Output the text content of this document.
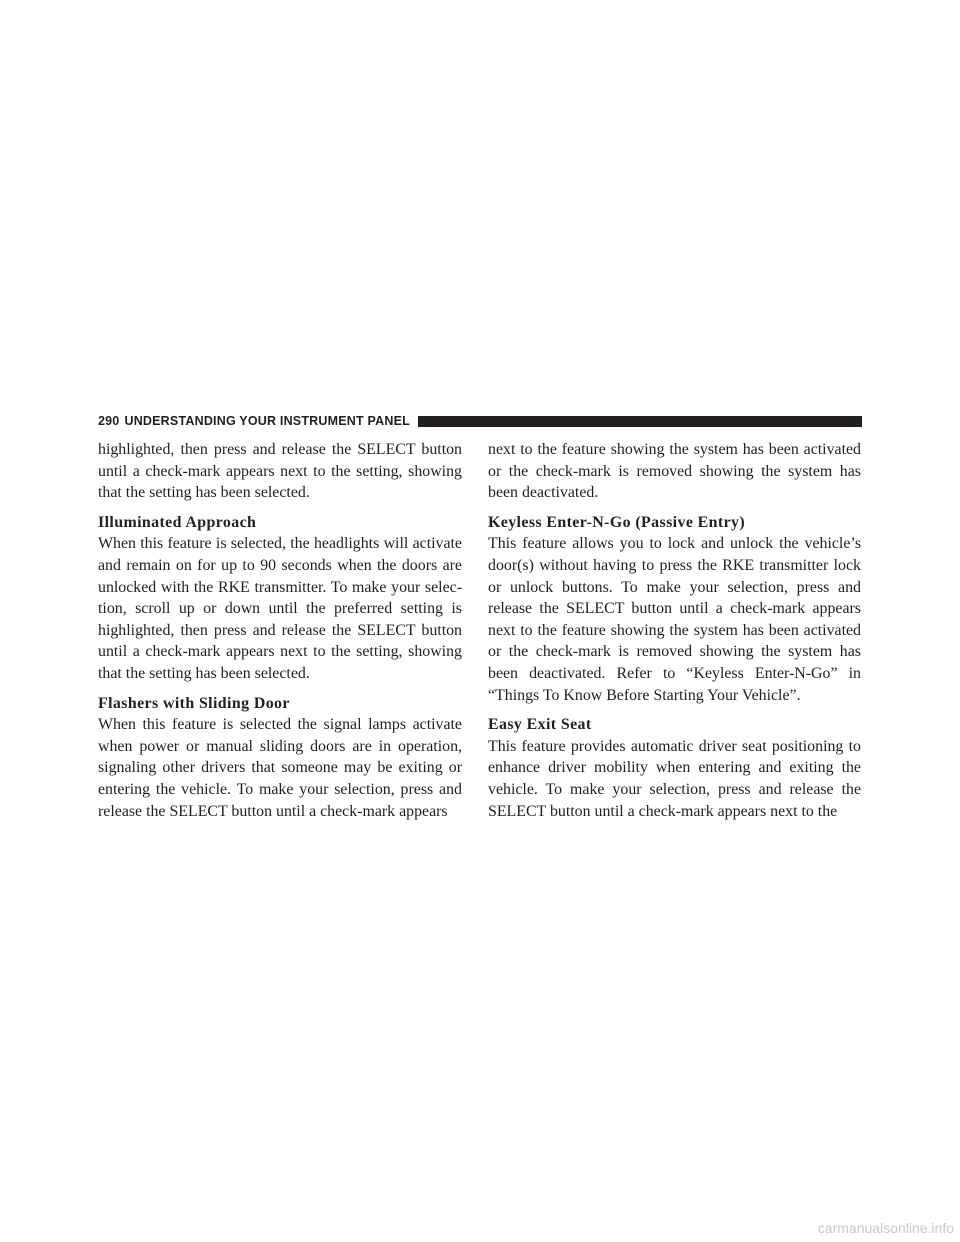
290 UNDERSTANDING YOUR INSTRUMENT PANEL

highlighted, then press and release the SELECT button until a check-mark appears next to the setting, showing that the setting has been selected.

Illuminated Approach

When this feature is selected, the headlights will activate and remain on for up to 90 seconds when the doors are unlocked with the RKE transmitter. To make your selection, scroll up or down until the preferred setting is highlighted, then press and release the SELECT button until a check-mark appears next to the setting, showing that the setting has been selected.

Flashers with Sliding Door

When this feature is selected the signal lamps activate when power or manual sliding doors are in operation, signaling other drivers that someone may be exiting or entering the vehicle. To make your selection, press and release the SELECT button until a check-mark appears

next to the feature showing the system has been activated or the check-mark is removed showing the system has been deactivated.

Keyless Enter-N-Go (Passive Entry)

This feature allows you to lock and unlock the vehicle’s door(s) without having to press the RKE transmitter lock or unlock buttons. To make your selection, press and release the SELECT button until a check-mark appears next to the feature showing the system has been activated or the check-mark is removed showing the system has been deactivated. Refer to “Keyless Enter-N-Go” in “Things To Know Before Starting Your Vehicle”.

Easy Exit Seat

This feature provides automatic driver seat positioning to enhance driver mobility when entering and exiting the vehicle. To make your selection, press and release the SELECT button until a check-mark appears next to the

carmanualsonline.info
